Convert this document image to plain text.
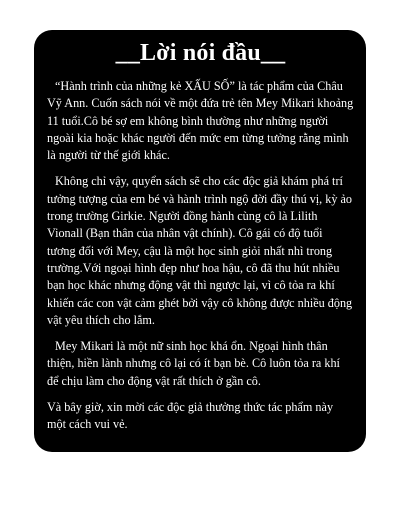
__Lời nói đầu__

“Hành trình của những kẻ XẤU SỐ” là tác phẩm của Châu Vỹ Ann. Cuốn sách nói về một đứa trẻ tên Mey Mikari khoảng 11 tuổi.Cô bé sợ em không bình thường như những người ngoài kia hoặc khác người đến mức em từng tưởng rằng mình là người từ thế giới khác.

Không chỉ vậy, quyển sách sẽ cho các độc giả khám phá trí tưởng tượng của em bé và hành trình ngộ đời đầy thú vị, kỳ ảo trong trường Girkie. Người đồng hành cùng cô là Lilith Vionall (Bạn thân của nhân vật chính). Cô gái có độ tuổi tương đối với Mey, cậu là một học sinh giỏi nhất nhì trong trường.Với ngoại hình đẹp như hoa hậu, cô đã thu hút nhiều bạn học khác nhưng động vật thì ngược lại, vì cô tỏa ra khí khiến các con vật cảm ghét bởi vậy cô không được nhiều động vật yêu thích cho lắm.

Mey Mikari là một nữ sinh học khá ổn. Ngoại hình thân thiện, hiền lành nhưng cô lại có ít bạn bè. Cô luôn tỏa ra khí để chịu làm cho động vật rất thích ở gần cô.

Và bây giờ, xin mời các độc giả thưởng thức tác phẩm này một cách vui vẻ.
